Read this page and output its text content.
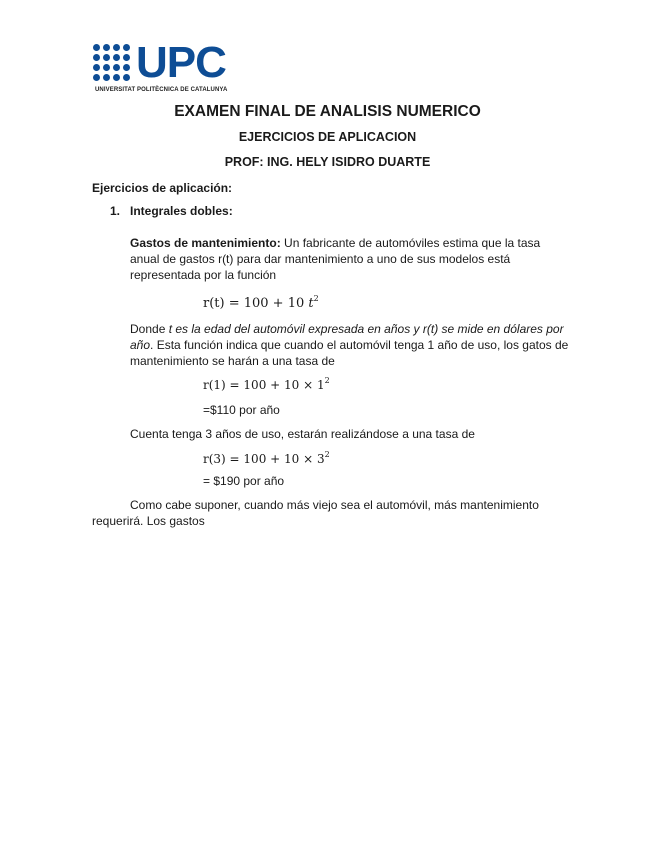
UPC
UNIVERSITAT POLITÈCNICA DE CATALUNYA
EXAMEN FINAL DE ANALISIS NUMERICO
EJERCICIOS DE APLICACION
PROF: ING. HELY ISIDRO DUARTE
Ejercicios de aplicación:
1. Integrales dobles:
Gastos de mantenimiento: Un fabricante de automóviles estima que la tasa
anual de gastos r(t) para dar mantenimiento a uno de sus modelos está
representada por la función
r(t) = 100 + 10 $t^2$
Donde t es la edad del automóvil expresada en años y r(t) se mide en dólares por
año. Esta función indica que cuando el automóvil tenga 1 año de uso, los gatos de
mantenimiento se harán a una tasa de
$r(1) = 100 + 10 \times 1^2$
=$110 por año
Cuenta tenga 3 años de uso, estarán realizándose a una tasa de
$r(3) = 100 + 10 \times 3^2$
= $190 por año
Como cabe suponer, cuando más viejo sea el automóvil, más mantenimiento
requerirá. Los gastos
